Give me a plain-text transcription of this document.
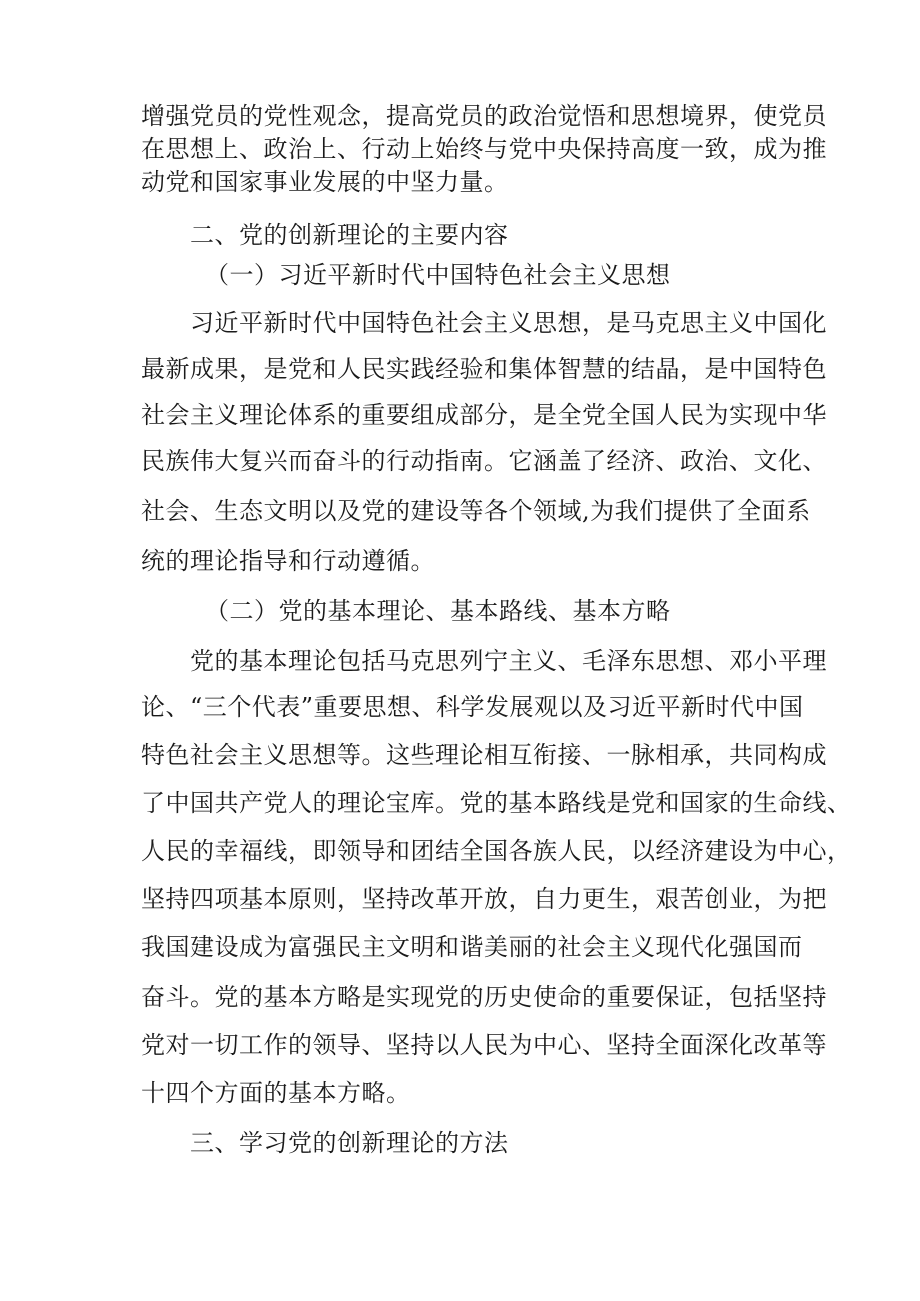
增强党员的党性观念，提高党员的政治觉悟和思想境界，使党员
在思想上、政治上、行动上始终与党中央保持高度一致，成为推
动党和国家事业发展的中坚力量。
二、党的创新理论的主要内容
（一）习近平新时代中国特色社会主义思想
习近平新时代中国特色社会主义思想，是马克思主义中国化
最新成果，是党和人民实践经验和集体智慧的结晶，是中国特色
社会主义理论体系的重要组成部分，是全党全国人民为实现中华
民族伟大复兴而奋斗的行动指南。它涵盖了经济、政治、文化、
社会、生态文明以及党的建设等各个领域,为我们提供了全面系
统的理论指导和行动遵循。
（二）党的基本理论、基本路线、基本方略
党的基本理论包括马克思列宁主义、毛泽东思想、邓小平理
论、“三个代表”重要思想、科学发展观以及习近平新时代中国
特色社会主义思想等。这些理论相互衔接、一脉相承，共同构成
了中国共产党人的理论宝库。党的基本路线是党和国家的生命线、
人民的幸福线，即领导和团结全国各族人民，以经济建设为中心，
坚持四项基本原则，坚持改革开放，自力更生，艰苦创业，为把
我国建设成为富强民主文明和谐美丽的社会主义现代化强国而
奋斗。党的基本方略是实现党的历史使命的重要保证，包括坚持
党对一切工作的领导、坚持以人民为中心、坚持全面深化改革等
十四个方面的基本方略。
三、学习党的创新理论的方法
